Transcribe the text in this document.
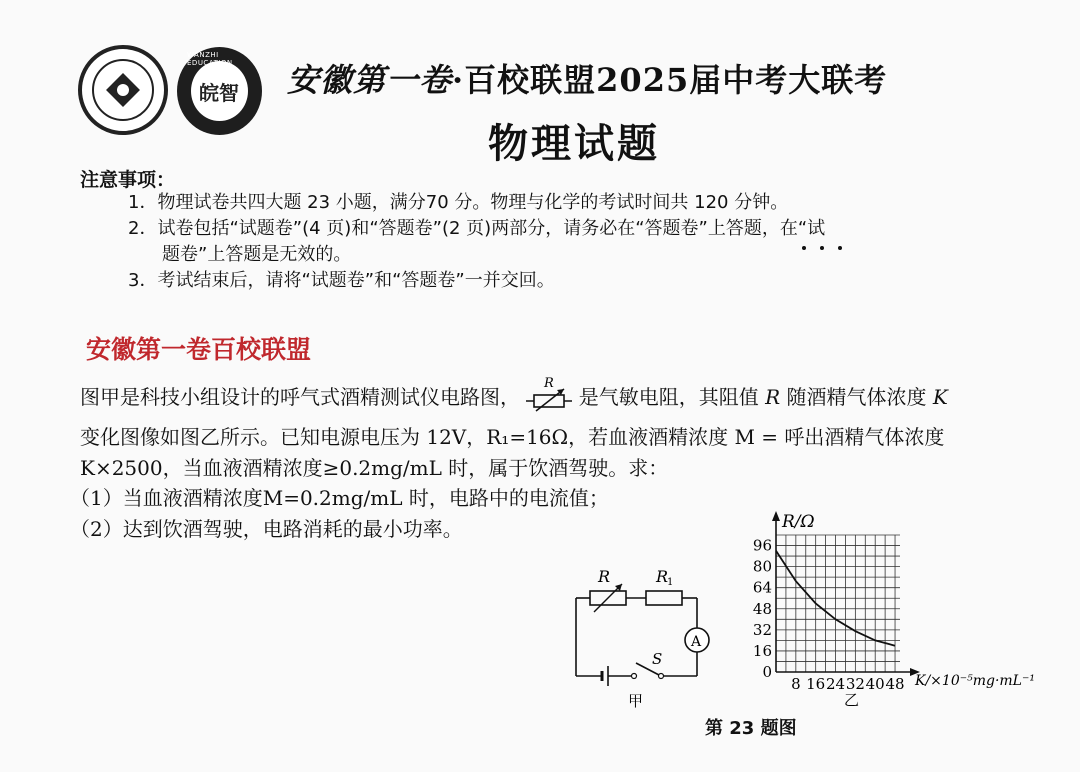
皖智
WANZHI EDUCATION	安徽第一卷·百校联盟2025届中考大联考
物理试题
注意事项：
1．物理试卷共四大题 23 小题，满分70 分。物理与化学的考试时间共 120 分钟。
2．试卷包括“试题卷”(4 页)和“答题卷”(2 页)两部分，请务必在“答题卷”上答题，在“试
题卷”上答题是无效的。
3．考试结束后，请将“试题卷”和“答题卷”一并交回。
安徽第一卷百校联盟
图甲是科技小组设计的呼气式酒精测试仪电路图，
R
是气敏电阻，其阻值 R 随酒精气体浓度 K
变化图像如图乙所示。已知电源电压为 12V，R₁=16Ω，若血液酒精浓度 M = 呼出酒精气体浓度
K×2500，当血液酒精浓度≥0.2mg/mL 时，属于饮酒驾驶。求：
（1）当血液酒精浓度M=0.2mg/mL 时，电路中的电流值；
（2）达到饮酒驾驶，电路消耗的最小功率。
A
S
R	R
1
甲
0
16
32
48
64
80
96
8 16 24 32 40 48
R/Ω
K/×10⁻⁵mg·mL⁻¹
乙
第 23 题图
